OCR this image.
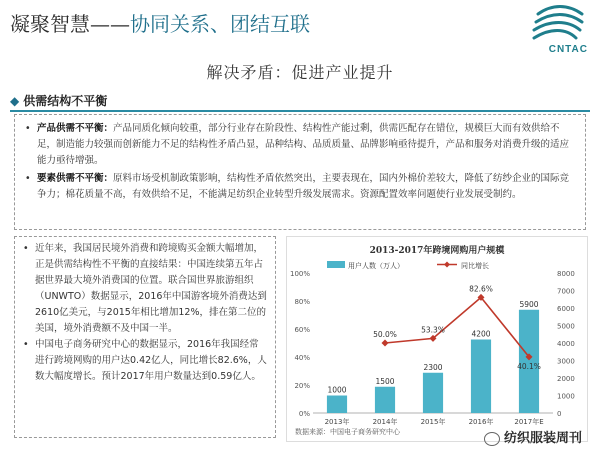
凝聚智慧——协同关系、团结互联
CNTAC
解决矛盾：促进产业提升
◆ 供需结构不平衡
• 产品供需不平衡：产品同质化倾向较重，部分行业存在阶段性、结构性产能过剩，供需匹配存在错位，规模巨大而有效供给不足，制造能力较强而创新能力不足的结构性矛盾凸显，品种结构、品质质量、品牌影响亟待提升，产品和服务对消费升级的适应能力亟待增强。
• 要素供需不平衡：原料市场受机制政策影响，结构性矛盾依然突出，主要表现在，国内外棉价差较大，降低了纺纱企业的国际竞争力；棉花质量不高，有效供给不足，不能满足纺织企业转型升级发展需求。资源配置效率问题使行业发展受制约。
• 近年来，我国居民境外消费和跨境购买金额大幅增加，正是供需结构性不平衡的直接结果：中国连续第五年占据世界最大境外消费国的位置。联合国世界旅游组织（UNWTO）数据显示，2016年中国游客境外消费达到2610亿美元，与2015年相比增加12%，排在第二位的美国，境外消费额不及中国一半。
• 中国电子商务研究中心的数据显示，2016年我国经常进行跨境网购的用户达0.42亿人，同比增长82.6%，人数大幅度增长。预计2017年用户数量达到0.59亿人。
2013-2017年跨境网购用户规模
0%
20%
40%
60%
80%
100%
0
1000
2000
3000
4000
5000
6000
7000
8000
1000
1500
2300
4200
5900
2013年	2014年	2015年	2016年	2017年E
50.0%
53.3%
82.6%
40.1%
用户人数（万人）	同比增长
数据来源：中国电子商务研究中心	纺织服装周刊
